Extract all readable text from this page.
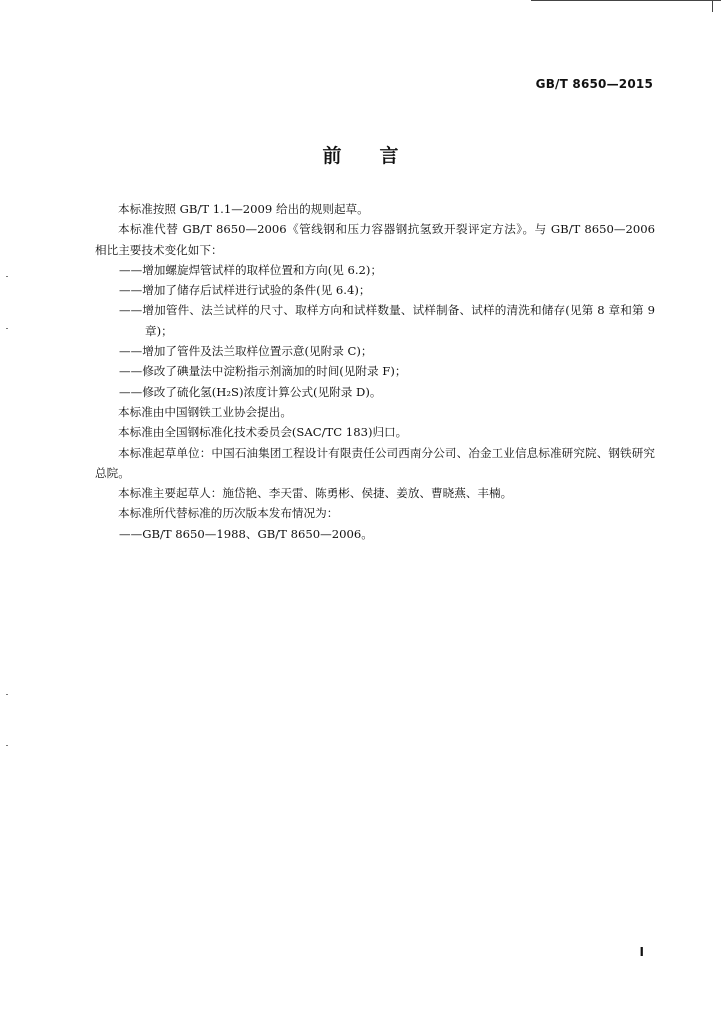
GB/T 8650—2015
前言

本标准按照 GB/T 1.1—2009 给出的规则起草。

本标准代替 GB/T 8650—2006《管线钢和压力容器钢抗氢致开裂评定方法》。与 GB/T 8650—2006 相比主要技术变化如下：

——增加螺旋焊管试样的取样位置和方向(见 6.2)；

——增加了储存后试样进行试验的条件(见 6.4)；

——增加管件、法兰试样的尺寸、取样方向和试样数量、试样制备、试样的清洗和储存(见第 8 章和第 9 章)；

——增加了管件及法兰取样位置示意(见附录 C)；

——修改了碘量法中淀粉指示剂滴加的时间(见附录 F)；

——修改了硫化氢(H₂S)浓度计算公式(见附录 D)。

本标准由中国钢铁工业协会提出。

本标准由全国钢标准化技术委员会(SAC/TC 183)归口。

本标准起草单位：中国石油集团工程设计有限责任公司西南分公司、冶金工业信息标准研究院、钢铁研究总院。

本标准主要起草人：施岱艳、李天雷、陈勇彬、侯捷、姜放、曹晓燕、丰楠。

本标准所代替标准的历次版本发布情况为：

——GB/T 8650—1988、GB/T 8650—2006。

Ⅰ
